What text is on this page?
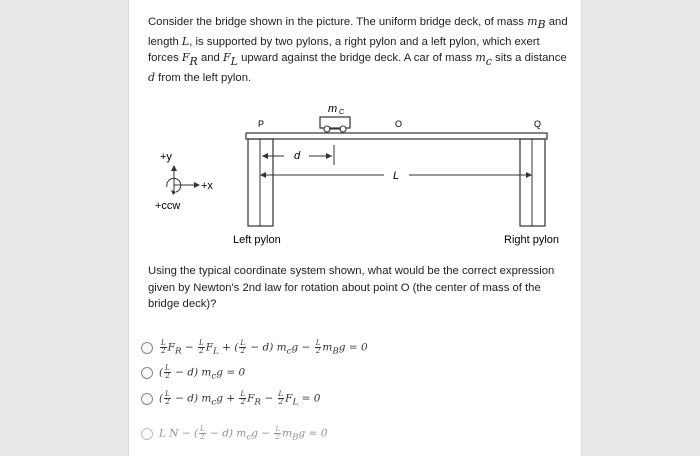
Consider the bridge shown in the picture. The uniform bridge deck, of mass $m_B$ and length L, is supported by two pylons, a right pylon and a left pylon, which exert forces $F_R$ and $F_L$ upward against the bridge deck. A car of mass $m_c$ sits a distance d from the left pylon.
m C
P	O	Q
d
L
+y
+x
+ccw
Left pylon	Right pylon
Using the typical coordinate system shown, what would be the correct expression given by Newton's 2nd law for rotation about point O (the center of mass of the bridge deck)?
$\frac{L}{2} F_R - \frac{L}{2} F_L$ + ( $\frac{L}{2} - d$) $m_cg - \frac{L}{2} m_Bg = 0$
( $\frac{L}{2} - d$) $m_cg = 0$
( $\frac{L}{2} - d$) $m_cg + \frac{L}{2} F_R - \frac{L}{2} F_L = 0$
L N − ( $\frac{L}{2} - d$) $m_cg - \frac{L}{2} m_Bg = 0$
